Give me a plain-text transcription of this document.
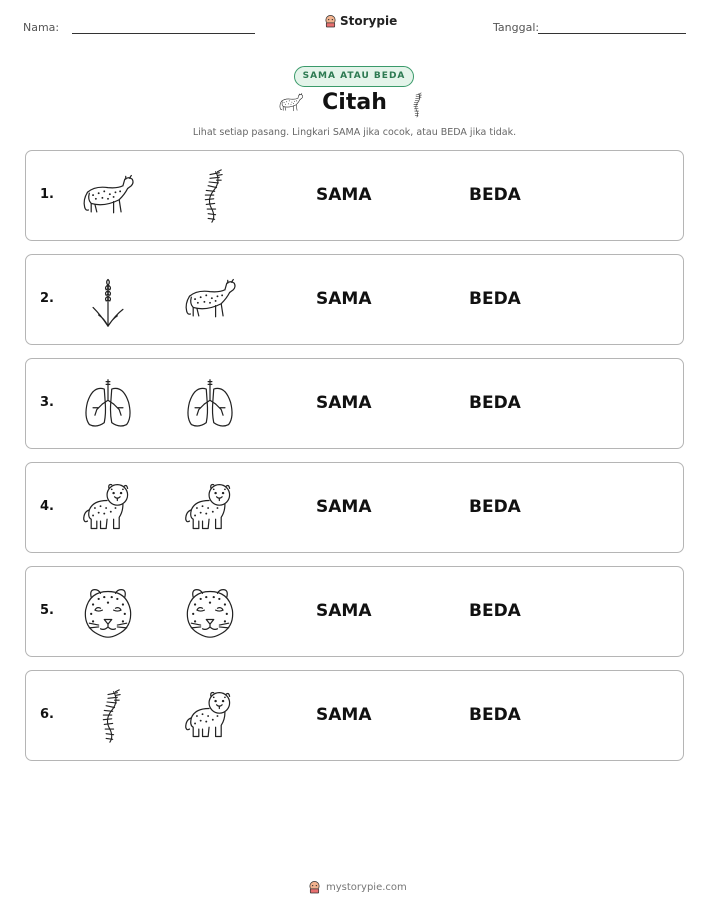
Nama:	Storypie	Tanggal:
SAMA ATAU BEDA
Citah
Lihat setiap pasang. Lingkari SAMA jika cocok, atau BEDA jika tidak.
1.	SAMA	BEDA
2.	SAMA	BEDA
3.	SAMA	BEDA
4.	SAMA	BEDA
5.	SAMA	BEDA
6.	SAMA	BEDA
mystorypie.com
